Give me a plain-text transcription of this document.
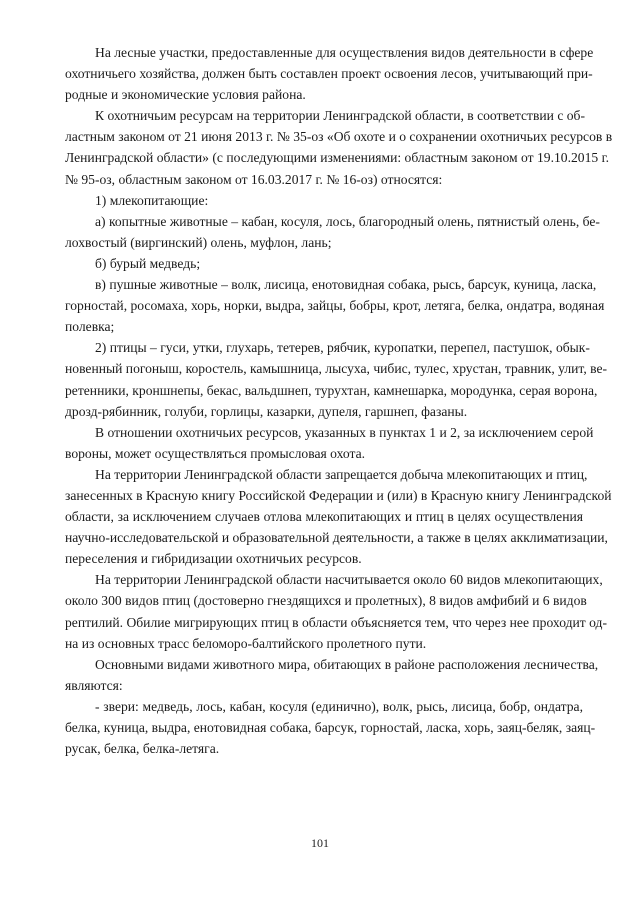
На лесные участки, предоставленные для осуществления видов деятельности в сфере
охотничьего хозяйства, должен быть составлен проект освоения лесов, учитывающий при-
родные и экономические условия района.
К охотничьим ресурсам на территории Ленинградской области, в соответствии с об-
ластным законом от 21 июня 2013 г. № 35-оз «Об охоте и о сохранении охотничьих ресурсов в
Ленинградской области» (с последующими изменениями: областным законом от 19.10.2015 г.
№ 95-оз, областным законом от 16.03.2017 г. № 16-оз) относятся:
1) млекопитающие:
а) копытные животные – кабан, косуля, лось, благородный олень, пятнистый олень, бе-
лохвостый (виргинский) олень, муфлон, лань;
б) бурый медведь;
в) пушные животные – волк, лисица, енотовидная собака, рысь, барсук, куница, ласка,
горностай, росомаха, хорь, норки, выдра, зайцы, бобры, крот, летяга, белка, ондатра, водяная
полевка;
2) птицы – гуси, утки, глухарь, тетерев, рябчик, куропатки, перепел, пастушок, обык-
новенный погоныш, коростель, камышница, лысуха, чибис, тулес, хрустан, травник, улит, ве-
ретенники, кроншнепы, бекас, вальдшнеп, турухтан, камнешарка, мородунка, серая ворона,
дрозд-рябинник, голуби, горлицы, казарки, дупеля, гаршнеп, фазаны.
В отношении охотничьих ресурсов, указанных в пунктах 1 и 2, за исключением серой
вороны, может осуществляться промысловая охота.
На территории Ленинградской области запрещается добыча млекопитающих и птиц,
занесенных в Красную книгу Российской Федерации и (или) в Красную книгу Ленинградской
области, за исключением случаев отлова млекопитающих и птиц в целях осуществления
научно-исследовательской и образовательной деятельности, а также в целях акклиматизации,
переселения и гибридизации охотничьих ресурсов.
На территории Ленинградской области насчитывается около 60 видов млекопитающих,
около 300 видов птиц (достоверно гнездящихся и пролетных), 8 видов амфибий и 6 видов
рептилий. Обилие мигрирующих птиц в области объясняется тем, что через нее проходит од-
на из основных трасс беломоро-балтийского пролетного пути.
Основными видами животного мира, обитающих в районе расположения лесничества,
являются:
- звери: медведь, лось, кабан, косуля (единично), волк, рысь, лисица, бобр, ондатра,
белка, куница, выдра, енотовидная собака, барсук, горностай, ласка, хорь, заяц-беляк, заяц-
русак, белка, белка-летяга.
101
